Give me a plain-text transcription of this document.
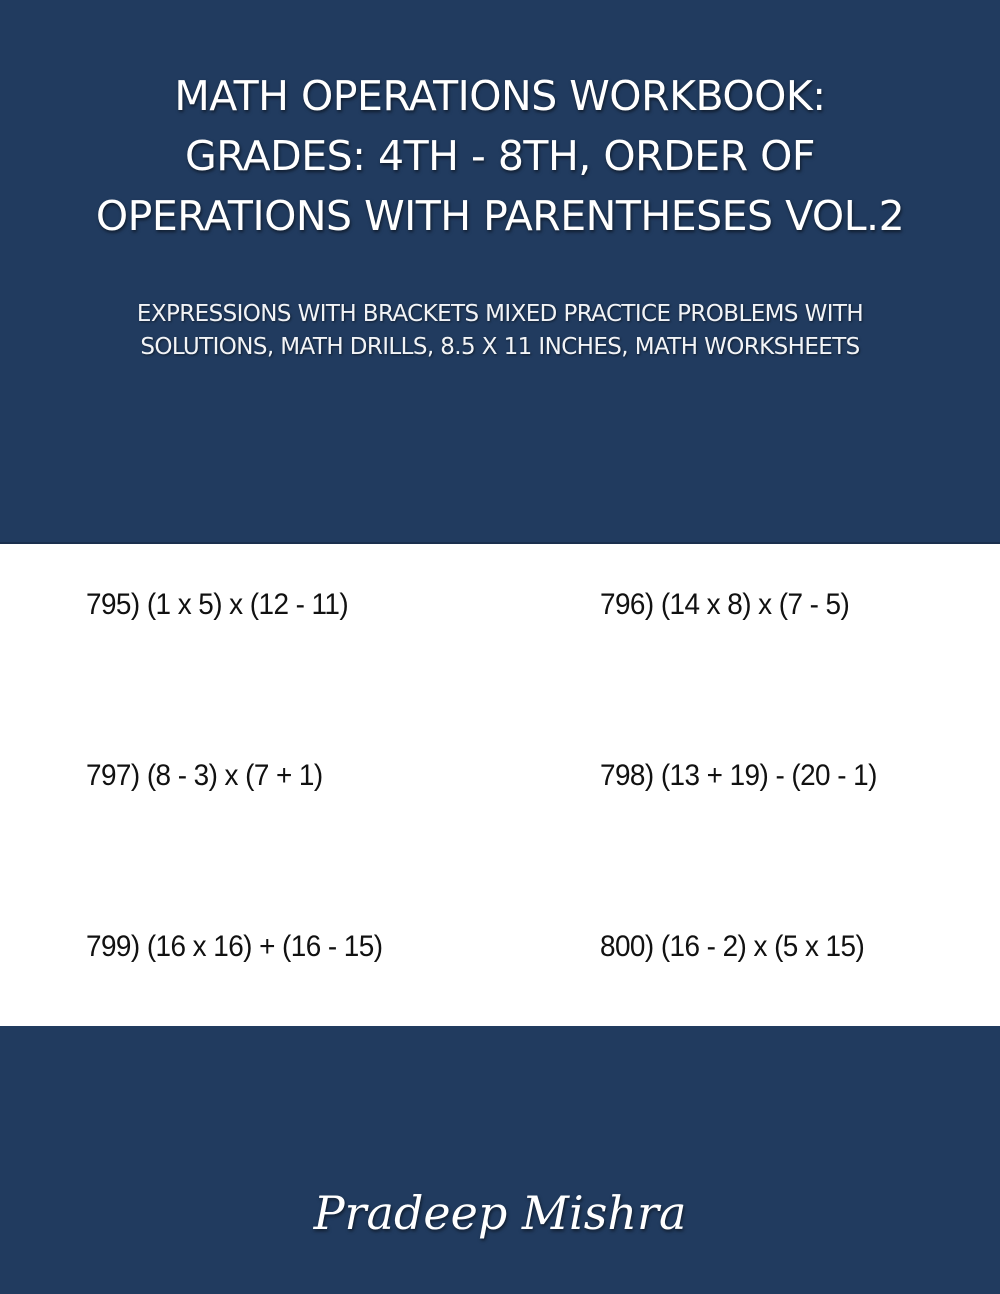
MATH OPERATIONS WORKBOOK:
GRADES: 4TH - 8TH, ORDER OF
OPERATIONS WITH PARENTHESES VOL.2
EXPRESSIONS WITH BRACKETS MIXED PRACTICE PROBLEMS WITH
SOLUTIONS, MATH DRILLS, 8.5 X 11 INCHES, MATH WORKSHEETS
795) (1 x 5) x (12 - 11)	796) (14 x 8) x (7 - 5)
797) (8 - 3) x (7 + 1)	798) (13 + 19) - (20 - 1)
799) (16 x 16) + (16 - 15)	800) (16 - 2) x (5 x 15)
Pradeep Mishra
